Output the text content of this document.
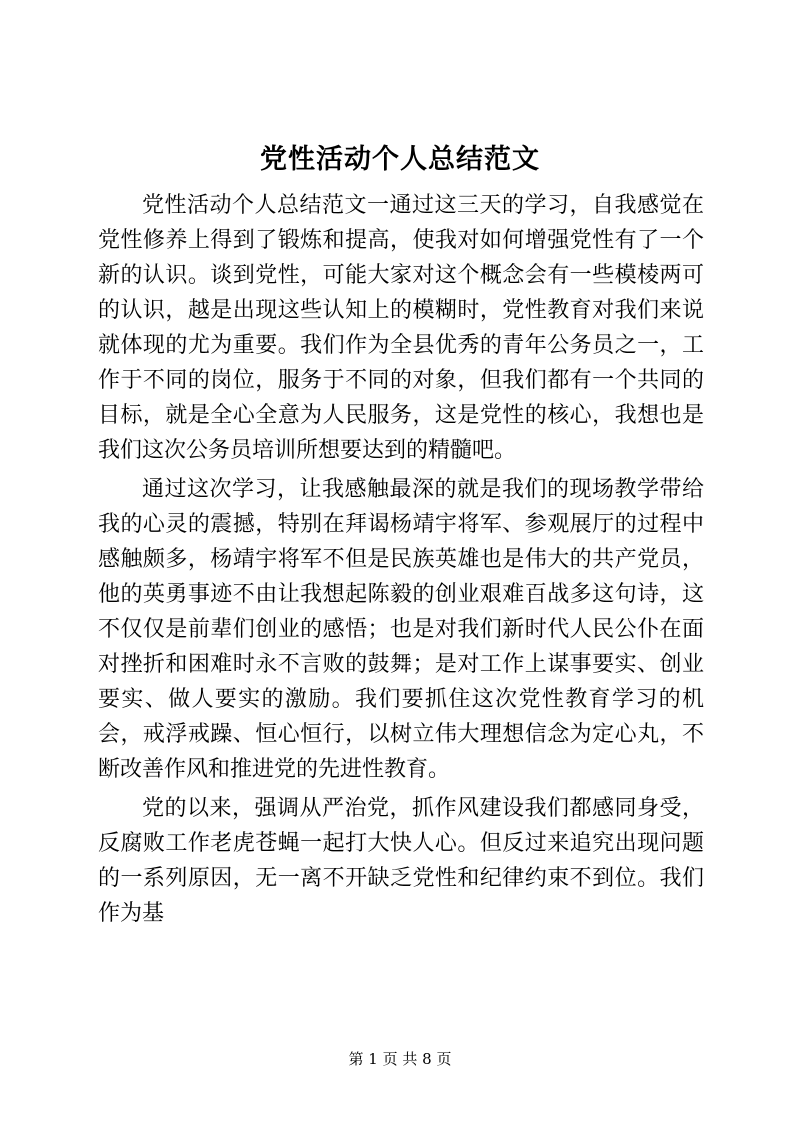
党性活动个人总结范文

党性活动个人总结范文一通过这三天的学习，自我感觉在党性修养上得到了锻炼和提高，使我对如何增强党性有了一个新的认识。谈到党性，可能大家对这个概念会有一些模棱两可的认识，越是出现这些认知上的模糊时，党性教育对我们来说就体现的尤为重要。我们作为全县优秀的青年公务员之一，工作于不同的岗位，服务于不同的对象，但我们都有一个共同的目标，就是全心全意为人民服务，这是党性的核心，我想也是我们这次公务员培训所想要达到的精髓吧。

通过这次学习，让我感触最深的就是我们的现场教学带给我的心灵的震撼，特别在拜谒杨靖宇将军、参观展厅的过程中感触颇多，杨靖宇将军不但是民族英雄也是伟大的共产党员，他的英勇事迹不由让我想起陈毅的创业艰难百战多这句诗，这不仅仅是前辈们创业的感悟；也是对我们新时代人民公仆在面对挫折和困难时永不言败的鼓舞；是对工作上谋事要实、创业要实、做人要实的激励。我们要抓住这次党性教育学习的机会，戒浮戒躁、恒心恒行，以树立伟大理想信念为定心丸，不断改善作风和推进党的先进性教育。

党的以来，强调从严治党，抓作风建设我们都感同身受，反腐败工作老虎苍蝇一起打大快人心。但反过来追究出现问题的一系列原因，无一离不开缺乏党性和纪律约束不到位。我们作为基

第 1 页 共 8 页
